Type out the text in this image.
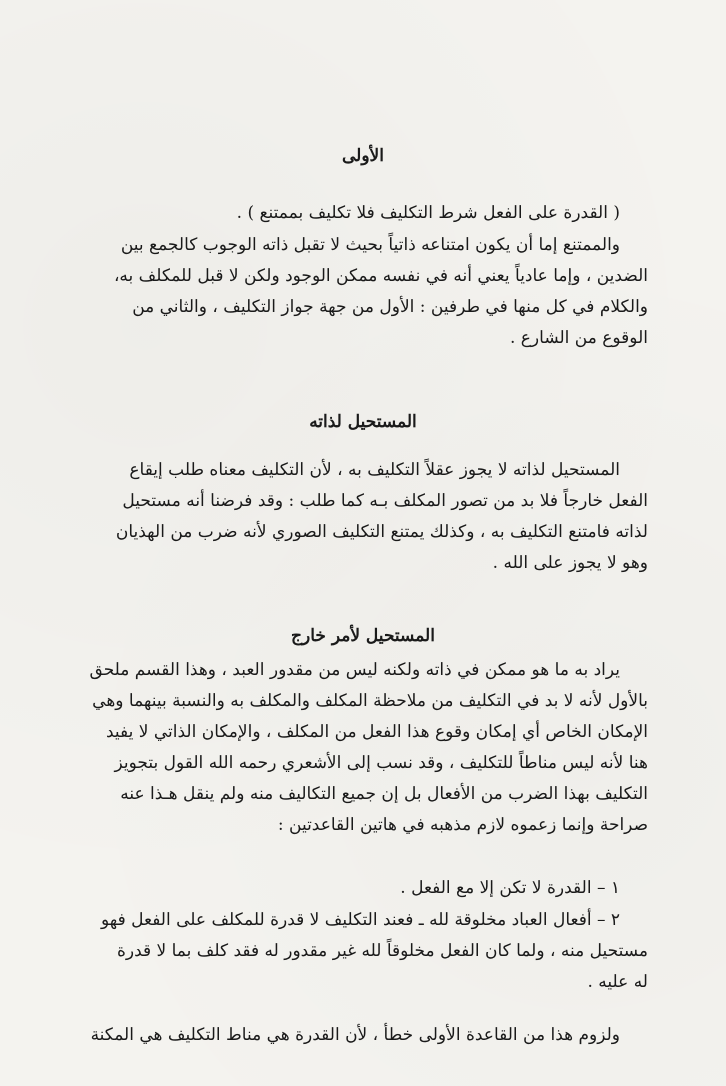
الأولى
( القدرة على الفعل شرط التكليف فلا تكليف بممتنع ) .
والممتنع إما أن يكون امتناعه ذاتياً بحيث لا تقبل ذاته الوجوب كالجمع بين
الضدين ، وإما عادياً يعني أنه في نفسه ممكن الوجود ولكن لا قبل للمكلف به،
والكلام في كل منها في طرفين : الأول من جهة جواز التكليف ، والثاني من
الوقوع من الشارع .
المستحيل لذاته
المستحيل لذاته لا يجوز عقلاً التكليف به ، لأن التكليف معناه طلب إيقاع
الفعل خارجاً فلا بد من تصور المكلف بـه كما طلب : وقد فرضنا أنه مستحيل
لذاته فامتنع التكليف به ، وكذلك يمتنع التكليف الصوري لأنه ضرب من الهذيان
وهو لا يجوز على الله .
المستحيل لأمر خارج
يراد به ما هو ممكن في ذاته ولكنه ليس من مقدور العبد ، وهذا القسم ملحق
بالأول لأنه لا بد في التكليف من ملاحظة المكلف والمكلف به والنسبة بينهما وهي
الإمكان الخاص أي إمكان وقوع هذا الفعل من المكلف ، والإمكان الذاتي لا يفيد
هنا لأنه ليس مناطاً للتكليف ، وقد نسب إلى الأشعري رحمه الله القول بتجويز
التكليف بهذا الضرب من الأفعال بل إن جميع التكاليف منه ولم ينقل هـذا عنه
صراحة وإنما زعموه لازم مذهبه في هاتين القاعدتين :
١ – القدرة لا تكن إلا مع الفعل .
٢ – أفعال العباد مخلوقة لله ـ فعند التكليف لا قدرة للمكلف على الفعل فهو
مستحيل منه ، ولما كان الفعل مخلوقاً لله غير مقدور له فقد كلف بما لا قدرة
له عليه .
ولزوم هذا من القاعدة الأولى خطأ ، لأن القدرة هي مناط التكليف هي المكنة
